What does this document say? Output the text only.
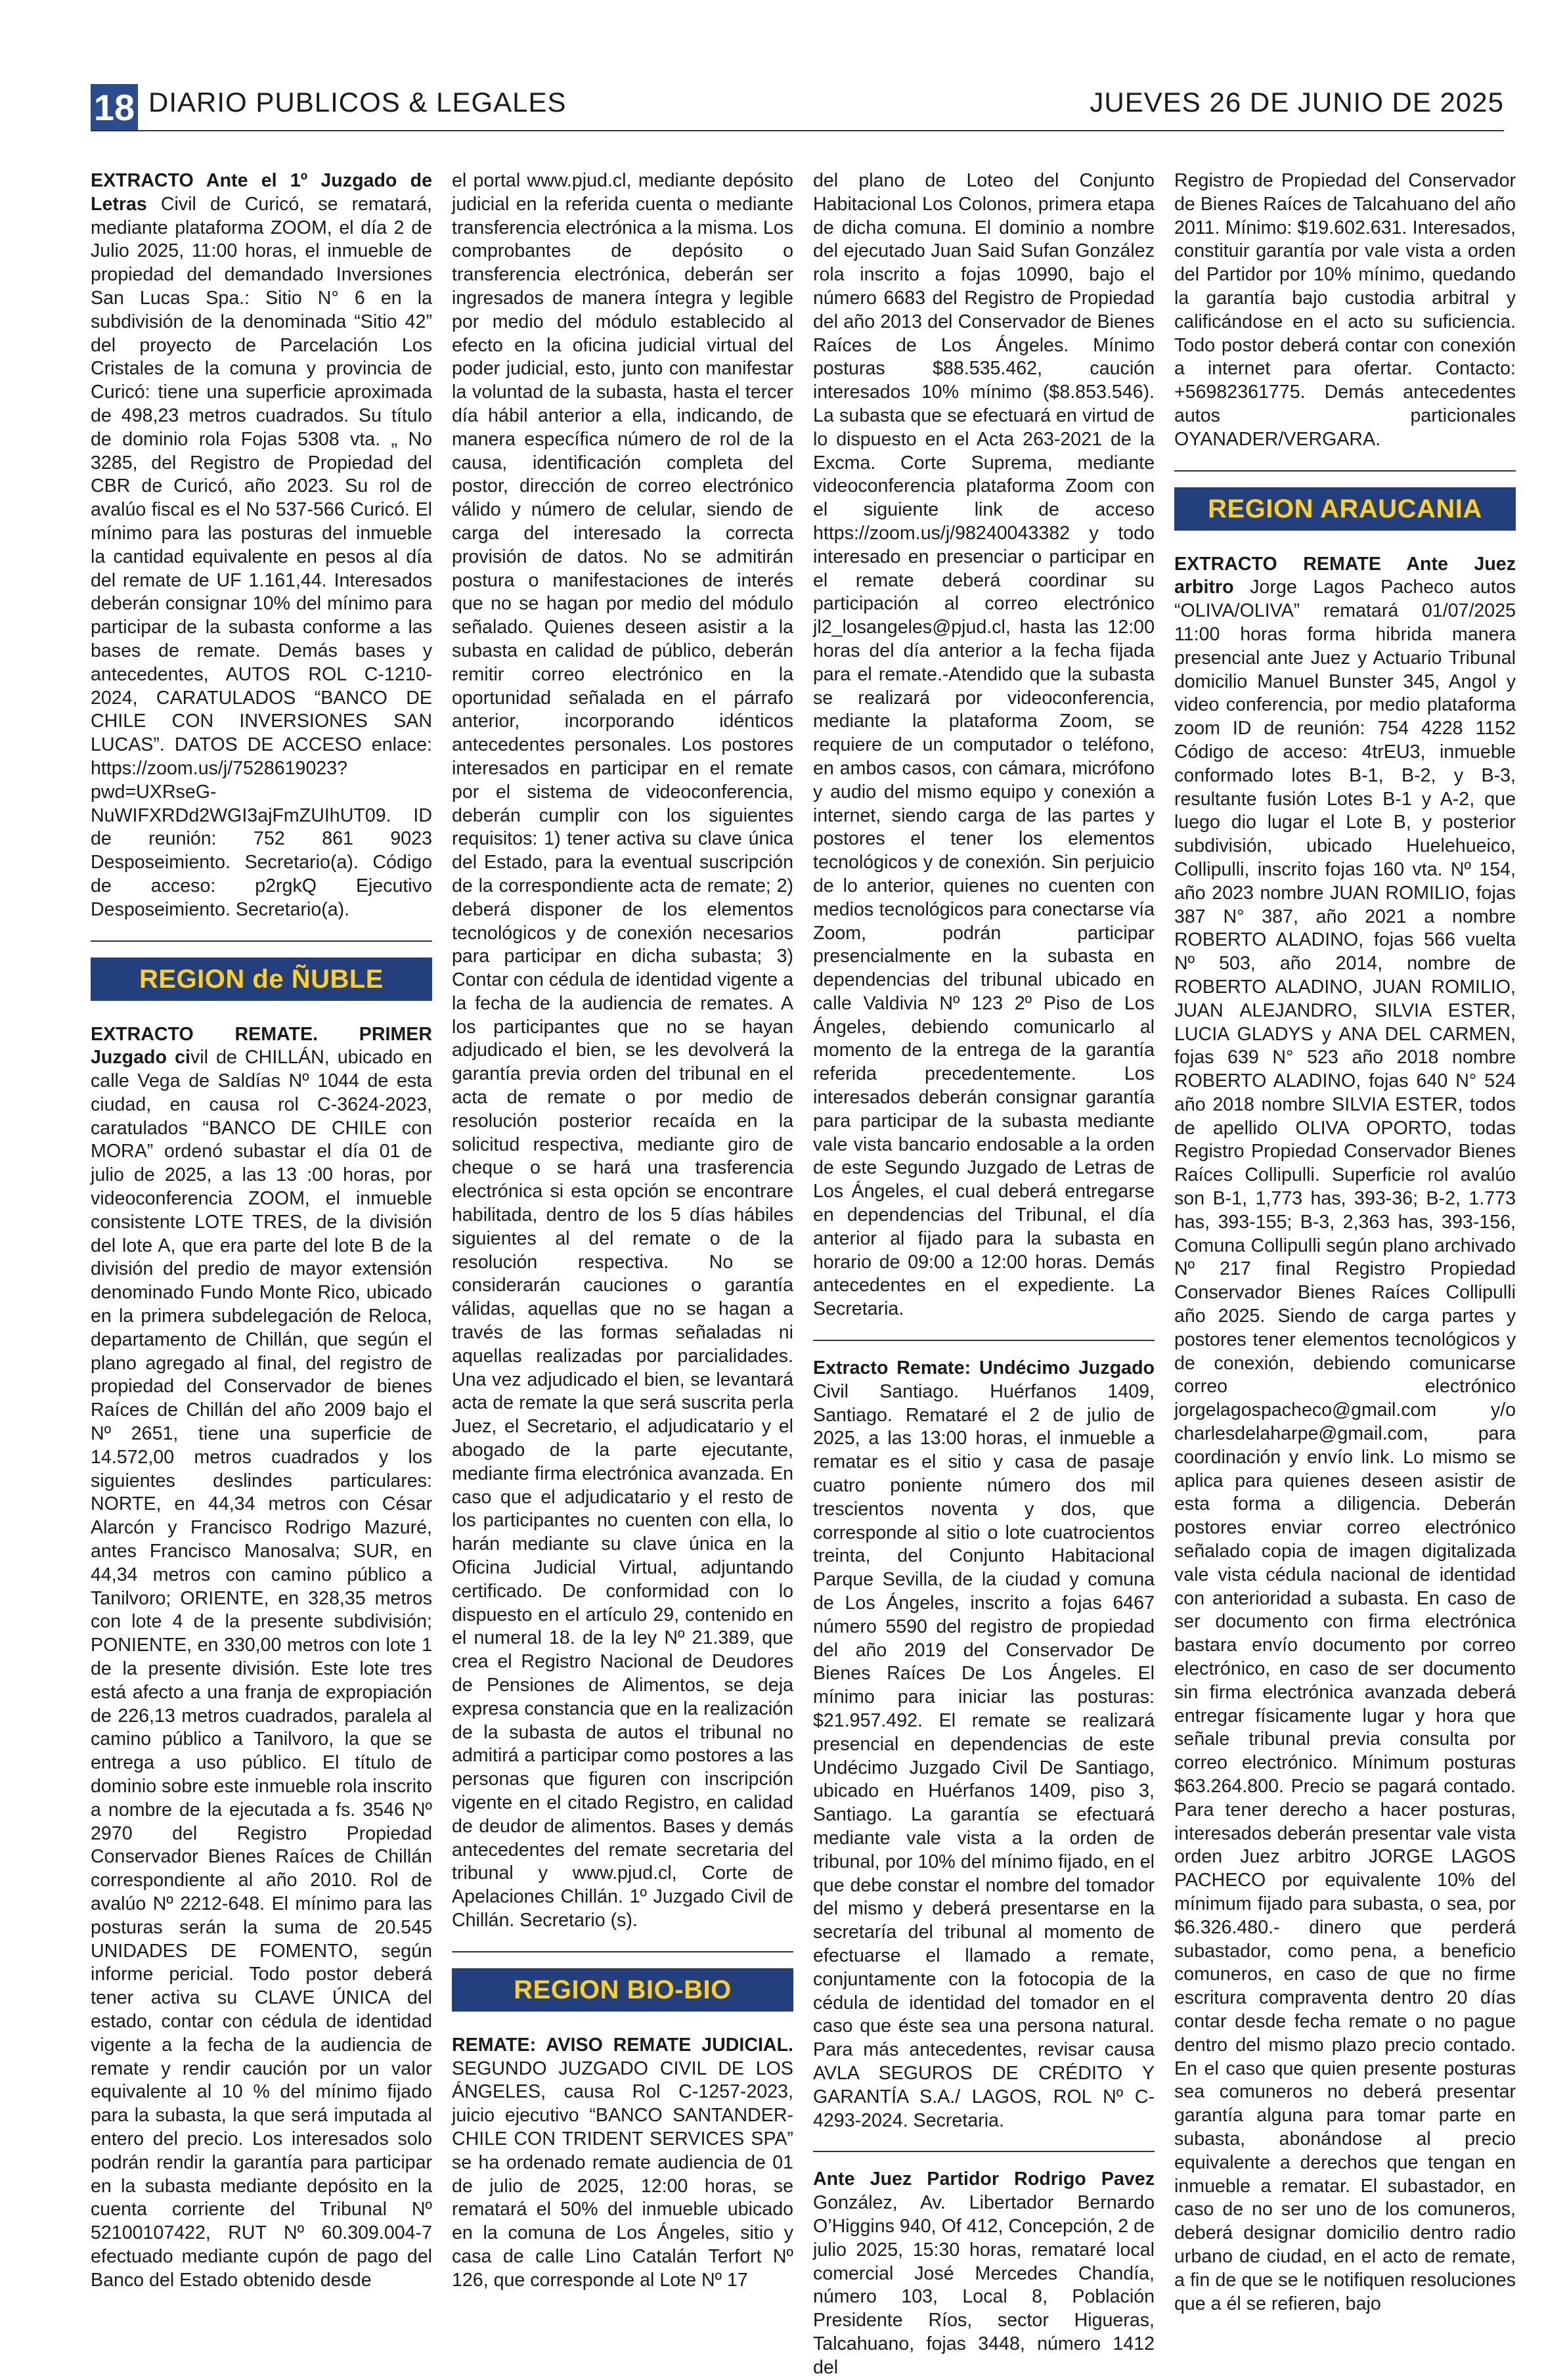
18 DIARIO PUBLICOS & LEGALES	JUEVES 26 DE JUNIO DE 2025

EXTRACTO Ante el 1º Juzgado de Letras Civil de Curicó, se rematará, mediante plataforma ZOOM, el día 2 de Julio 2025, 11:00 horas, el inmueble de propiedad del demandado Inversiones San Lucas Spa.: Sitio N° 6 en la subdivisión de la denominada “Sitio 42” del proyecto de Parcelación Los Cristales de la comuna y provincia de Curicó: tiene una superficie aproximada de 498,23 metros cuadrados. Su título de dominio rola Fojas 5308 vta. „ No 3285, del Registro de Propiedad del CBR de Curicó, año 2023. Su rol de avalúo fiscal es el No 537-566 Curicó. El mínimo para las posturas del inmueble la cantidad equivalente en pesos al día del remate de UF 1.161,44. Interesados deberán consignar 10% del mínimo para participar de la subasta conforme a las bases de remate. Demás bases y antecedentes, AUTOS ROL C-1210-2024, CARATULADOS “BANCO DE CHILE CON INVERSIONES SAN LUCAS”. DATOS DE ACCESO enlace: https://zoom.us/j/7528619023?pwd=UXRseG-NuWIFXRDd2WGI3ajFmZUIhUT09. ID de reunión: 752 861 9023 Desposeimiento. Secretario(a). Código de acceso: p2rgkQ Ejecutivo Desposeimiento. Secretario(a).

REGION de ÑUBLE

EXTRACTO REMATE. PRIMER Juzgado civil de CHILLÁN, ubicado en calle Vega de Saldías Nº 1044 de esta ciudad, en causa rol C-3624-2023, caratulados “BANCO DE CHILE con MORA” ordenó subastar el día 01 de julio de 2025, a las 13 :00 horas, por videoconferencia ZOOM, el inmueble consistente LOTE TRES, de la división del lote A, que era parte del lote B de la división del predio de mayor extensión denominado Fundo Monte Rico, ubicado en la primera subdelegación de Reloca, departamento de Chillán, que según el plano agregado al final, del registro de propiedad del Conservador de bienes Raíces de Chillán del año 2009 bajo el Nº 2651, tiene una superficie de 14.572,00 metros cuadrados y los siguientes deslindes particulares: NORTE, en 44,34 metros con César Alarcón y Francisco Rodrigo Mazuré, antes Francisco Manosalva; SUR, en 44,34 metros con camino público a Tanilvoro; ORIENTE, en 328,35 metros con lote 4 de la presente subdivisión; PONIENTE, en 330,00 metros con lote 1 de la presente división. Este lote tres está afecto a una franja de expropiación de 226,13 metros cuadrados, paralela al camino público a Tanilvoro, la que se entrega a uso público. El título de dominio sobre este inmueble rola inscrito a nombre de la ejecutada a fs. 3546 Nº 2970 del Registro Propiedad Conservador Bienes Raíces de Chillán correspondiente al año 2010. Rol de avalúo Nº 2212-648. El mínimo para las posturas serán la suma de 20.545 UNIDADES DE FOMENTO, según informe pericial. Todo postor deberá tener activa su CLAVE ÚNICA del estado, contar con cédula de identidad vigente a la fecha de la audiencia de remate y rendir caución por un valor equivalente al 10 % del mínimo fijado para la subasta, la que será imputada al entero del precio. Los interesados solo podrán rendir la garantía para participar en la subasta mediante depósito en la cuenta corriente del Tribunal Nº 52100107422, RUT Nº 60.309.004-7 efectuado mediante cupón de pago del Banco del Estado obtenido desde

el portal www.pjud.cl, mediante depósito judicial en la referida cuenta o mediante transferencia electrónica a la misma. Los comprobantes de depósito o transferencia electrónica, deberán ser ingresados de manera íntegra y legible por medio del módulo establecido al efecto en la oficina judicial virtual del poder judicial, esto, junto con manifestar la voluntad de la subasta, hasta el tercer día hábil anterior a ella, indicando, de manera específica número de rol de la causa, identificación completa del postor, dirección de correo electrónico válido y número de celular, siendo de carga del interesado la correcta provisión de datos. No se admitirán postura o manifestaciones de interés que no se hagan por medio del módulo señalado. Quienes deseen asistir a la subasta en calidad de público, deberán remitir correo electrónico en la oportunidad señalada en el párrafo anterior, incorporando idénticos antecedentes personales. Los postores interesados en participar en el remate por el sistema de videoconferencia, deberán cumplir con los siguientes requisitos: 1) tener activa su clave única del Estado, para la eventual suscripción de la correspondiente acta de remate; 2) deberá disponer de los elementos tecnológicos y de conexión necesarios para participar en dicha subasta; 3) Contar con cédula de identidad vigente a la fecha de la audiencia de remates. A los participantes que no se hayan adjudicado el bien, se les devolverá la garantía previa orden del tribunal en el acta de remate o por medio de resolución posterior recaída en la solicitud respectiva, mediante giro de cheque o se hará una trasferencia electrónica si esta opción se encontrare habilitada, dentro de los 5 días hábiles siguientes al del remate o de la resolución respectiva. No se considerarán cauciones o garantía válidas, aquellas que no se hagan a través de las formas señaladas ni aquellas realizadas por parcialidades. Una vez adjudicado el bien, se levantará acta de remate la que será suscrita perla Juez, el Secretario, el adjudicatario y el abogado de la parte ejecutante, mediante firma electrónica avanzada. En caso que el adjudicatario y el resto de los participantes no cuenten con ella, lo harán mediante su clave única en la Oficina Judicial Virtual, adjuntando certificado. De conformidad con lo dispuesto en el artículo 29, contenido en el numeral 18. de la ley Nº 21.389, que crea el Registro Nacional de Deudores de Pensiones de Alimentos, se deja expresa constancia que en la realización de la subasta de autos el tribunal no admitirá a participar como postores a las personas que figuren con inscripción vigente en el citado Registro, en calidad de deudor de alimentos. Bases y demás antecedentes del remate secretaria del tribunal y www.pjud.cl, Corte de Apelaciones Chillán. 1º Juzgado Civil de Chillán. Secretario (s).

REGION BIO-BIO

REMATE: AVISO REMATE JUDICIAL. SEGUNDO JUZGADO CIVIL DE LOS ÁNGELES, causa Rol C-1257-2023, juicio ejecutivo “BANCO SANTANDER-CHILE CON TRIDENT SERVICES SPA” se ha ordenado remate audiencia de 01 de julio de 2025, 12:00 horas, se rematará el 50% del inmueble ubicado en la comuna de Los Ángeles, sitio y casa de calle Lino Catalán Terfort Nº 126, que corresponde al Lote Nº 17

del plano de Loteo del Conjunto Habitacional Los Colonos, primera etapa de dicha comuna. El dominio a nombre del ejecutado Juan Said Sufan González rola inscrito a fojas 10990, bajo el número 6683 del Registro de Propiedad del año 2013 del Conservador de Bienes Raíces de Los Ángeles. Mínimo posturas $88.535.462, caución interesados 10% mínimo ($8.853.546). La subasta que se efectuará en virtud de lo dispuesto en el Acta 263-2021 de la Excma. Corte Suprema, mediante videoconferencia plataforma Zoom con el siguiente link de acceso https://zoom.us/j/98240043382 y todo interesado en presenciar o participar en el remate deberá coordinar su participación al correo electrónico jl2_losangeles@pjud.cl, hasta las 12:00 horas del día anterior a la fecha fijada para el remate.-Atendido que la subasta se realizará por videoconferencia, mediante la plataforma Zoom, se requiere de un computador o teléfono, en ambos casos, con cámara, micrófono y audio del mismo equipo y conexión a internet, siendo carga de las partes y postores el tener los elementos tecnológicos y de conexión. Sin perjuicio de lo anterior, quienes no cuenten con medios tecnológicos para conectarse vía Zoom, podrán participar presencialmente en la subasta en dependencias del tribunal ubicado en calle Valdivia Nº 123 2º Piso de Los Ángeles, debiendo comunicarlo al momento de la entrega de la garantía referida precedentemente. Los interesados deberán consignar garantía para participar de la subasta mediante vale vista bancario endosable a la orden de este Segundo Juzgado de Letras de Los Ángeles, el cual deberá entregarse en dependencias del Tribunal, el día anterior al fijado para la subasta en horario de 09:00 a 12:00 horas. Demás antecedentes en el expediente. La Secretaria.

Extracto Remate: Undécimo Juzgado Civil Santiago. Huérfanos 1409, Santiago. Remataré el 2 de julio de 2025, a las 13:00 horas, el inmueble a rematar es el sitio y casa de pasaje cuatro poniente número dos mil trescientos noventa y dos, que corresponde al sitio o lote cuatrocientos treinta, del Conjunto Habitacional Parque Sevilla, de la ciudad y comuna de Los Ángeles, inscrito a fojas 6467 número 5590 del registro de propiedad del año 2019 del Conservador De Bienes Raíces De Los Ángeles. El mínimo para iniciar las posturas: $21.957.492. El remate se realizará presencial en dependencias de este Undécimo Juzgado Civil De Santiago, ubicado en Huérfanos 1409, piso 3, Santiago. La garantía se efectuará mediante vale vista a la orden de tribunal, por 10% del mínimo fijado, en el que debe constar el nombre del tomador del mismo y deberá presentarse en la secretaría del tribunal al momento de efectuarse el llamado a remate, conjuntamente con la fotocopia de la cédula de identidad del tomador en el caso que éste sea una persona natural. Para más antecedentes, revisar causa AVLA SEGUROS DE CRÉDITO Y GARANTÍA S.A./ LAGOS, ROL Nº C-4293-2024. Secretaria.

Ante Juez Partidor Rodrigo Pavez González, Av. Libertador Bernardo O’Higgins 940, Of 412, Concepción, 2 de julio 2025, 15:30 horas, remataré local comercial José Mercedes Chandía, número 103, Local 8, Población Presidente Ríos, sector Higueras, Talcahuano, fojas 3448, número 1412 del

Registro de Propiedad del Conservador de Bienes Raíces de Talcahuano del año 2011. Mínimo: $19.602.631. Interesados, constituir garantía por vale vista a orden del Partidor por 10% mínimo, quedando la garantía bajo custodia arbitral y calificándose en el acto su suficiencia. Todo postor deberá contar con conexión a internet para ofertar. Contacto: +56982361775. Demás antecedentes autos particionales OYANADER/VERGARA.

REGION ARAUCANIA

EXTRACTO REMATE Ante Juez arbitro Jorge Lagos Pacheco autos “OLIVA/OLIVA” rematará 01/07/2025 11:00 horas forma hibrida manera presencial ante Juez y Actuario Tribunal domicilio Manuel Bunster 345, Angol y video conferencia, por medio plataforma zoom ID de reunión: 754 4228 1152 Código de acceso: 4trEU3, inmueble conformado lotes B-1, B-2, y B-3, resultante fusión Lotes B-1 y A-2, que luego dio lugar el Lote B, y posterior subdivisión, ubicado Huelehueico, Collipulli, inscrito fojas 160 vta. Nº 154, año 2023 nombre JUAN ROMILIO, fojas 387 N° 387, año 2021 a nombre ROBERTO ALADINO, fojas 566 vuelta Nº 503, año 2014, nombre de ROBERTO ALADINO, JUAN ROMILIO, JUAN ALEJANDRO, SILVIA ESTER, LUCIA GLADYS y ANA DEL CARMEN, fojas 639 N° 523 año 2018 nombre ROBERTO ALADINO, fojas 640 N° 524 año 2018 nombre SILVIA ESTER, todos de apellido OLIVA OPORTO, todas Registro Propiedad Conservador Bienes Raíces Collipulli. Superficie rol avalúo son B-1, 1,773 has, 393-36; B-2, 1.773 has, 393-155; B-3, 2,363 has, 393-156, Comuna Collipulli según plano archivado Nº 217 final Registro Propiedad Conservador Bienes Raíces Collipulli año 2025. Siendo de carga partes y postores tener elementos tecnológicos y de conexión, debiendo comunicarse correo electrónico jorgelagospacheco@gmail.com y/o charlesdelaharpe@gmail.com, para coordinación y envío link. Lo mismo se aplica para quienes deseen asistir de esta forma a diligencia. Deberán postores enviar correo electrónico señalado copia de imagen digitalizada vale vista cédula nacional de identidad con anterioridad a subasta. En caso de ser documento con firma electrónica bastara envío documento por correo electrónico, en caso de ser documento sin firma electrónica avanzada deberá entregar físicamente lugar y hora que señale tribunal previa consulta por correo electrónico. Mínimum posturas $63.264.800. Precio se pagará contado. Para tener derecho a hacer posturas, interesados deberán presentar vale vista orden Juez arbitro JORGE LAGOS PACHECO por equivalente 10% del mínimum fijado para subasta, o sea, por $6.326.480.- dinero que perderá subastador, como pena, a beneficio comuneros, en caso de que no firme escritura compraventa dentro 20 días contar desde fecha remate o no pague dentro del mismo plazo precio contado. En el caso que quien presente posturas sea comuneros no deberá presentar garantía alguna para tomar parte en subasta, abonándose al precio equivalente a derechos que tengan en inmueble a rematar. El subastador, en caso de no ser uno de los comuneros, deberá designar domicilio dentro radio urbano de ciudad, en el acto de remate, a fin de que se le notifiquen resoluciones que a él se refieren, bajo
